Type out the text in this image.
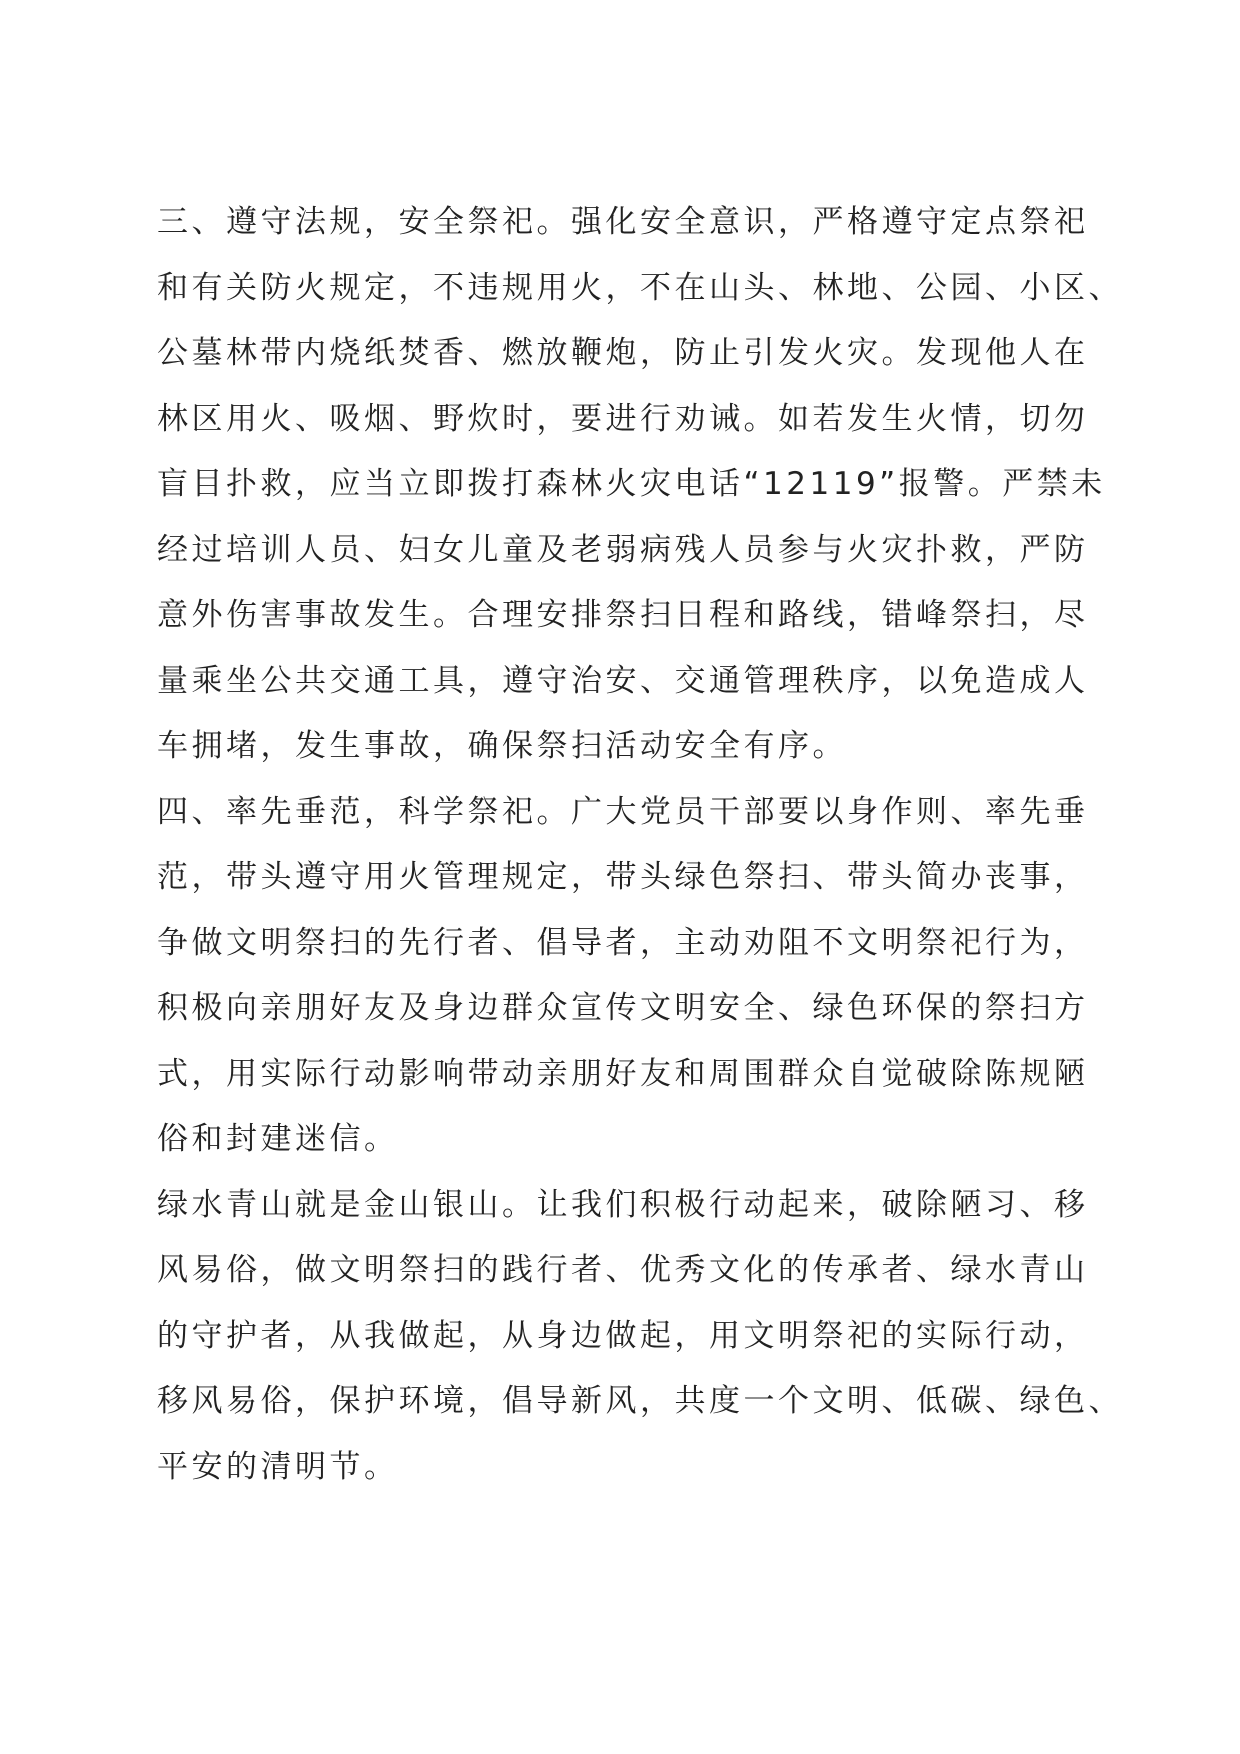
三、遵守法规，安全祭祀。强化安全意识，严格遵守定点祭祀
和有关防火规定，不违规用火，不在山头、林地、公园、小区、
公墓林带内烧纸焚香、燃放鞭炮，防止引发火灾。发现他人在
林区用火、吸烟、野炊时，要进行劝诫。如若发生火情，切勿
盲目扑救，应当立即拨打森林火灾电话“12119”报警。严禁未
经过培训人员、妇女儿童及老弱病残人员参与火灾扑救，严防
意外伤害事故发生。合理安排祭扫日程和路线，错峰祭扫，尽
量乘坐公共交通工具，遵守治安、交通管理秩序，以免造成人
车拥堵，发生事故，确保祭扫活动安全有序。
四、率先垂范，科学祭祀。广大党员干部要以身作则、率先垂
范，带头遵守用火管理规定，带头绿色祭扫、带头简办丧事，
争做文明祭扫的先行者、倡导者，主动劝阻不文明祭祀行为，
积极向亲朋好友及身边群众宣传文明安全、绿色环保的祭扫方
式，用实际行动影响带动亲朋好友和周围群众自觉破除陈规陋
俗和封建迷信。
绿水青山就是金山银山。让我们积极行动起来，破除陋习、移
风易俗，做文明祭扫的践行者、优秀文化的传承者、绿水青山
的守护者，从我做起，从身边做起，用文明祭祀的实际行动，
移风易俗，保护环境，倡导新风，共度一个文明、低碳、绿色、
平安的清明节。
